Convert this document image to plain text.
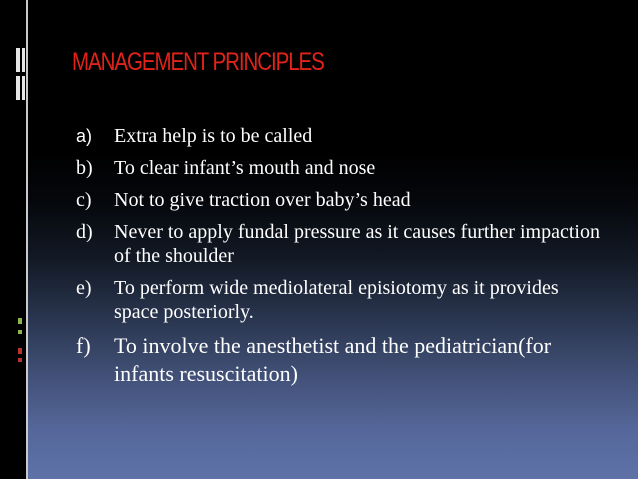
MANAGEMENT PRINCIPLES
a) Extra help is to be called
b) To clear infant’s mouth and nose
c) Not to give traction over baby’s head
d) Never to apply fundal pressure as it causes further impaction of the shoulder
e) To perform wide mediolateral episiotomy as it provides space posteriorly.
f) To involve the anesthetist and the pediatrician(for infants resuscitation)
